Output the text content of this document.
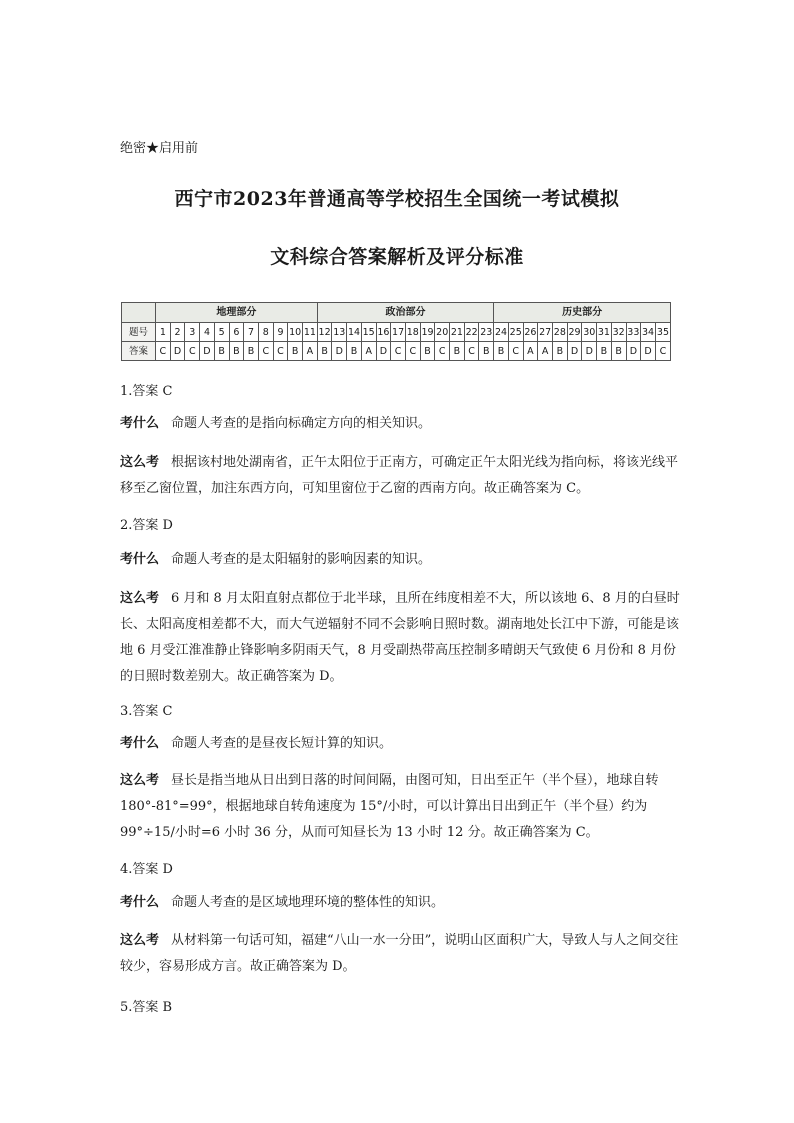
绝密★启用前
西宁市2023年普通高等学校招生全国统一考试模拟
文科综合答案解析及评分标准
	地理部分											政治部分												历史部分											
题号	1	2	3	4	5	6	7	8	9	10	11	12	13	14	15	16	17	18	19	20	21	22	23	24	25	26	27	28	29	30	31	32	33	34	35
答案	C	D	C	D	B	B	B	C	C	B	A	B	D	B	A	D	C	C	B	C	B	C	B	B	C	A	A	B	D	D	B	B	D	D	C
1.答案 C
考什么 命题人考查的是指向标确定方向的相关知识。
这么考 根据该村地处湖南省，正午太阳位于正南方，可确定正午太阳光线为指向标，将该光线平移至乙窗位置，加注东西方向，可知里窗位于乙窗的西南方向。故正确答案为 C。
2.答案 D
考什么 命题人考查的是太阳辐射的影响因素的知识。
这么考 6 月和 8 月太阳直射点都位于北半球，且所在纬度相差不大，所以该地 6、8 月的白昼时长、太阳高度相差都不大，而大气逆辐射不同不会影响日照时数。湖南地处长江中下游，可能是该地 6 月受江淮准静止锋影响多阴雨天气，8 月受副热带高压控制多晴朗天气致使 6 月份和 8 月份的日照时数差别大。故正确答案为 D。
3.答案 C
考什么 命题人考查的是昼夜长短计算的知识。
这么考 昼长是指当地从日出到日落的时间间隔，由图可知，日出至正午（半个昼），地球自转 180°-81°=99°，根据地球自转角速度为 15°/小时，可以计算出日出到正午（半个昼）约为 99°÷15/小时=6 小时 36 分，从而可知昼长为 13 小时 12 分。故正确答案为 C。
4.答案 D
考什么 命题人考查的是区域地理环境的整体性的知识。
这么考 从材料第一句话可知，福建“八山一水一分田”，说明山区面积广大，导致人与人之间交往较少，容易形成方言。故正确答案为 D。
5.答案 B
